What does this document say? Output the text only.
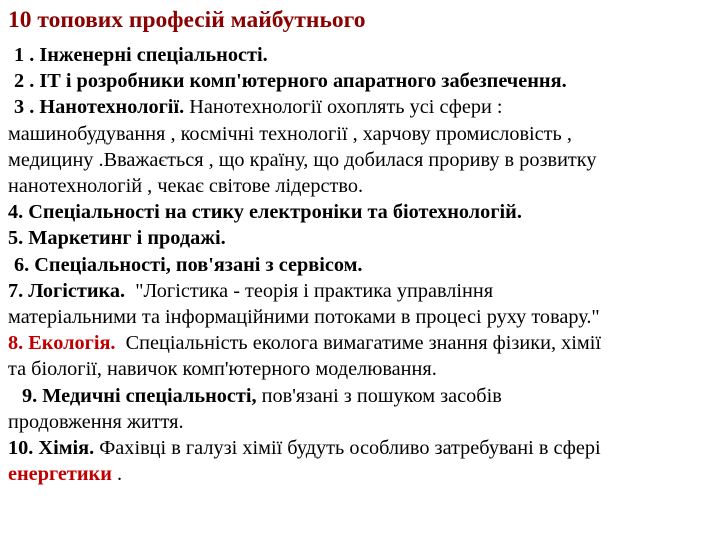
10 топових професій майбутнього
1 . Інженерні спеціальності.
2 . ІТ і розробники комп'ютерного апаратного забезпечення.
3 . Нанотехнології. Нанотехнології охоплять усі сфери :
машинобудування , космічні технології , харчову промисловість ,
медицину .Вважається , що країну, що добилася прориву в розвитку
нанотехнологій , чекає світове лідерство.
4. Спеціальності на стику електроніки та біотехнологій.
5. Маркетинг і продажі.
6. Спеціальності, пов'язані з сервісом.
7. Логістика.  "Логістика - теорія і практика управління
матеріальними та інформаційними потоками в процесі руху товару."
8. Екологія.  Спеціальність еколога вимагатиме знання фізики, хімії
та біології, навичок комп'ютерного моделювання.
9. Медичні спеціальності, пов'язані з пошуком засобів
продовження життя.
10. Хімія. Фахівці в галузі хімії будуть особливо затребувані в сфері
енергетики .
